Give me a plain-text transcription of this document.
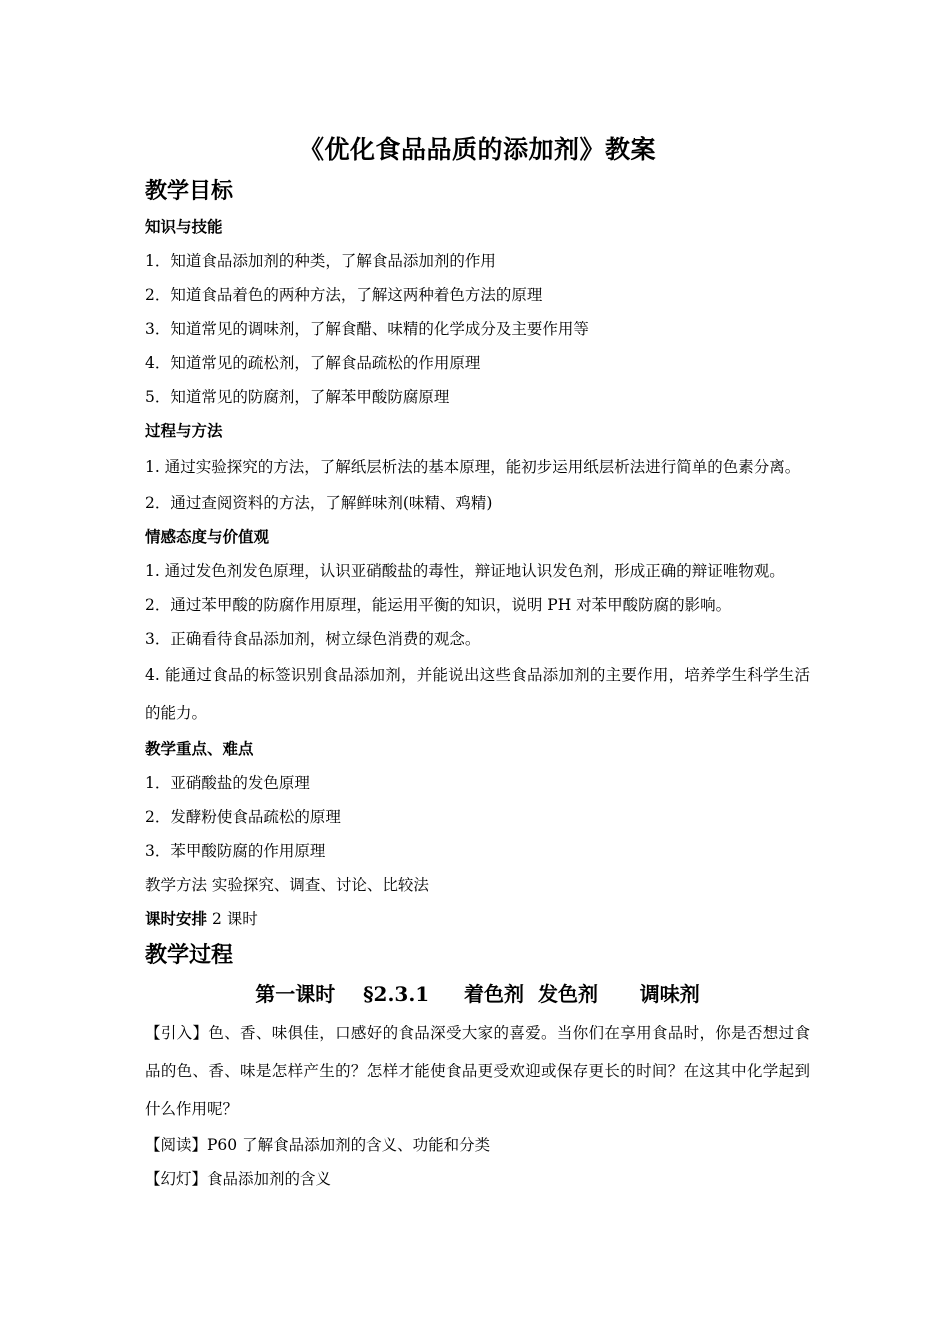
《优化食品品质的添加剂》教案
教学目标
知识与技能
1．知道食品添加剂的种类，了解食品添加剂的作用
2．知道食品着色的两种方法，了解这两种着色方法的原理
3．知道常见的调味剂，了解食醋、味精的化学成分及主要作用等
4．知道常见的疏松剂，了解食品疏松的作用原理
5．知道常见的防腐剂，了解苯甲酸防腐原理
过程与方法
1. 通过实验探究的方法，了解纸层析法的基本原理，能初步运用纸层析法进行简单的色素分离。
2．通过查阅资料的方法，了解鲜味剂(味精、鸡精)
情感态度与价值观
1. 通过发色剂发色原理，认识亚硝酸盐的毒性，辩证地认识发色剂，形成正确的辩证唯物观。
2．通过苯甲酸的防腐作用原理，能运用平衡的知识，说明 PH 对苯甲酸防腐的影响。
3．正确看待食品添加剂，树立绿色消费的观念。
4. 能通过食品的标签识别食品添加剂，并能说出这些食品添加剂的主要作用，培养学生科学生活的能力。
教学重点、难点
1．亚硝酸盐的发色原理
2．发酵粉使食品疏松的原理
3．苯甲酸防腐的作用原理
教学方法 实验探究、调查、讨论、比较法
课时安排 2 课时
教学过程
第一课时    §2.3.1     着色剂  发色剂      调味剂
【引入】色、香、味俱佳，口感好的食品深受大家的喜爱。当你们在享用食品时，你是否想过食品的色、香、味是怎样产生的？怎样才能使食品更受欢迎或保存更长的时间？在这其中化学起到什么作用呢？
【阅读】P60 了解食品添加剂的含义、功能和分类
【幻灯】食品添加剂的含义
